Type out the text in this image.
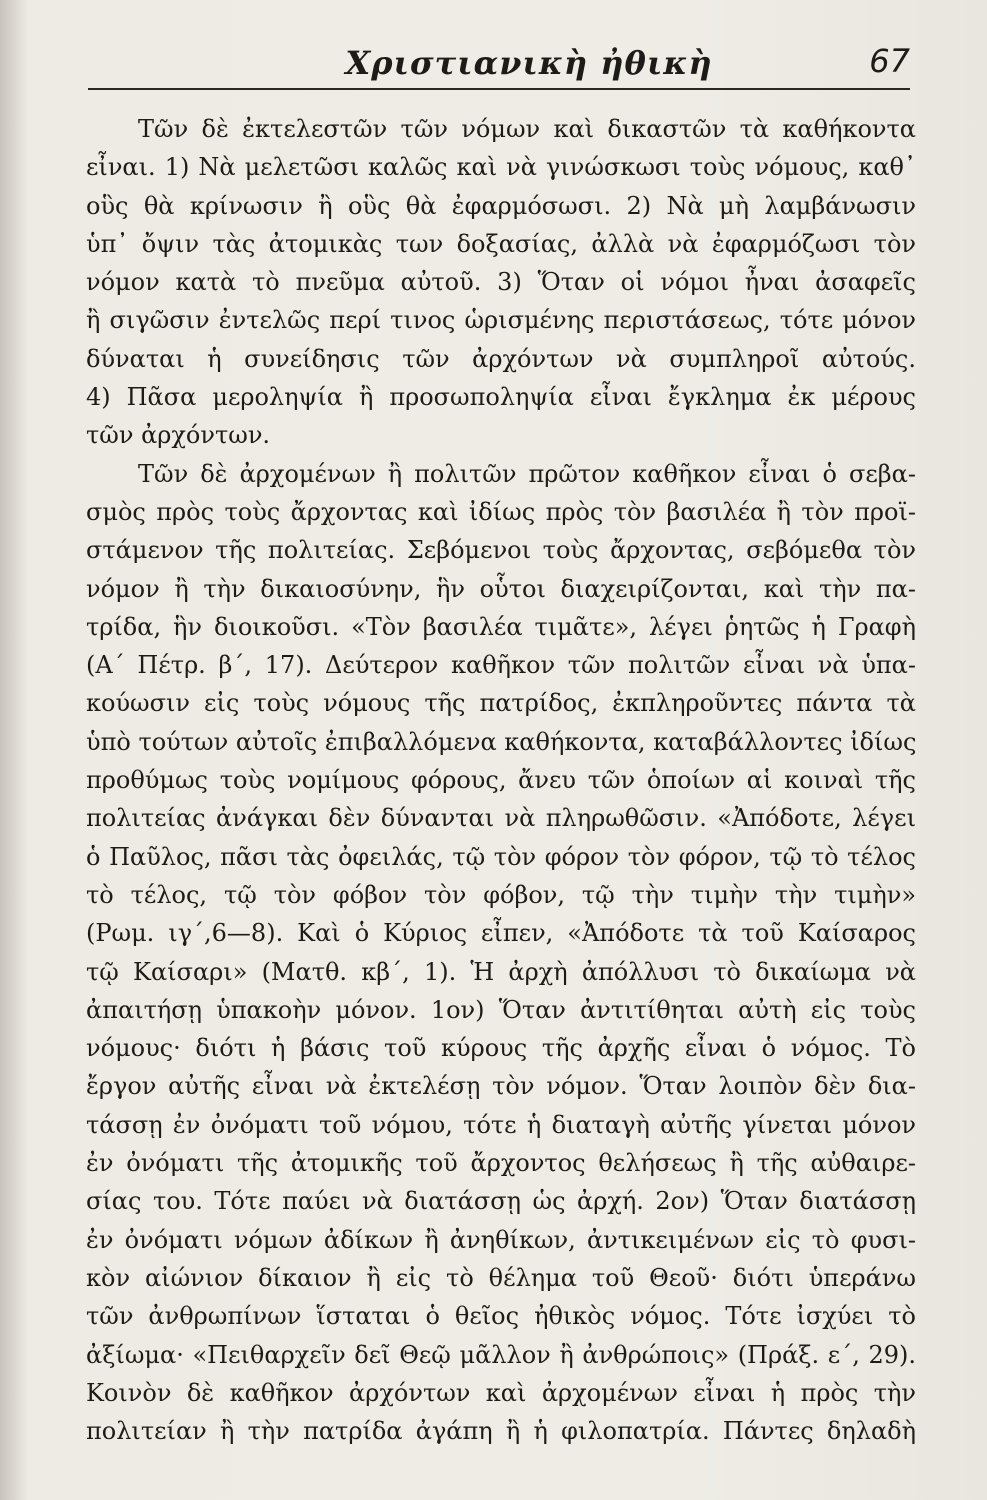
Χριστιανικὴ ἠθικὴ	67
Τῶν δὲ ἐκτελεστῶν τῶν νόμων καὶ δικαστῶν τὰ καθήκοντα
εἶναι. 1) Νὰ μελετῶσι καλῶς καὶ νὰ γινώσκωσι τοὺς νόμους, καθ᾿
οὓς θὰ κρίνωσιν ἢ οὓς θὰ ἐφαρμόσωσι. 2) Νὰ μὴ λαμβάνωσιν
ὑπ᾿ ὄψιν τὰς ἀτομικὰς των δοξασίας, ἀλλὰ νὰ ἐφαρμόζωσι τὸν
νόμον κατὰ τὸ πνεῦμα αὐτοῦ. 3) Ὅταν οἱ νόμοι ἦναι ἀσαφεῖς
ἢ σιγῶσιν ἐντελῶς περί τινος ὡρισμένης περιστάσεως, τότε μόνον
δύναται ἡ συνείδησις τῶν ἀρχόντων νὰ συμπληροῖ αὐτούς.
4) Πᾶσα μεροληψία ἢ προσωποληψία εἶναι ἔγκλημα ἐκ μέρους
τῶν ἀρχόντων.
Τῶν δὲ ἀρχομένων ἢ πολιτῶν πρῶτον καθῆκον εἶναι ὁ σεβα-
σμὸς πρὸς τοὺς ἄρχοντας καὶ ἰδίως πρὸς τὸν βασιλέα ἢ τὸν προϊ-
στάμενον τῆς πολιτείας. Σεβόμενοι τοὺς ἄρχοντας, σεβόμεθα τὸν
νόμον ἢ τὴν δικαιοσύνην, ἣν οὗτοι διαχειρίζονται, καὶ τὴν πα-
τρίδα, ἣν διοικοῦσι. «Τὸν βασιλέα τιμᾶτε», λέγει ῥητῶς ἡ Γραφὴ
(Α΄ Πέτρ. β΄, 17). Δεύτερον καθῆκον τῶν πολιτῶν εἶναι νὰ ὑπα-
κούωσιν εἰς τοὺς νόμους τῆς πατρίδος, ἐκπληροῦντες πάντα τὰ
ὑπὸ τούτων αὐτοῖς ἐπιβαλλόμενα καθήκοντα, καταβάλλοντες ἰδίως
προθύμως τοὺς νομίμους φόρους, ἄνευ τῶν ὁποίων αἱ κοιναὶ τῆς
πολιτείας ἀνάγκαι δὲν δύνανται νὰ πληρωθῶσιν. «Ἀπόδοτε, λέγει
ὁ Παῦλος, πᾶσι τὰς ὀφειλάς, τῷ τὸν φόρον τὸν φόρον, τῷ τὸ τέλος
τὸ τέλος, τῷ τὸν φόβον τὸν φόβον, τῷ τὴν τιμὴν τὴν τιμὴν»
(Ρωμ. ιγ΄,6—8). Καὶ ὁ Κύριος εἶπεν, «Ἀπόδοτε τὰ τοῦ Καίσαρος
τῷ Καίσαρι» (Ματθ. κβ΄, 1). Ἡ ἀρχὴ ἀπόλλυσι τὸ δικαίωμα νὰ
ἀπαιτήσῃ ὑπακοὴν μόνον. 1ον) Ὅταν ἀντιτίθηται αὐτὴ εἰς τοὺς
νόμους· διότι ἡ βάσις τοῦ κύρους τῆς ἀρχῆς εἶναι ὁ νόμος. Τὸ
ἔργον αὐτῆς εἶναι νὰ ἐκτελέσῃ τὸν νόμον. Ὅταν λοιπὸν δὲν δια-
τάσσῃ ἐν ὀνόματι τοῦ νόμου, τότε ἡ διαταγὴ αὐτῆς γίνεται μόνον
ἐν ὀνόματι τῆς ἀτομικῆς τοῦ ἄρχοντος θελήσεως ἢ τῆς αὐθαιρε-
σίας του. Τότε παύει νὰ διατάσσῃ ὡς ἀρχή. 2ον) Ὅταν διατάσσῃ
ἐν ὀνόματι νόμων ἀδίκων ἢ ἀνηθίκων, ἀντικειμένων εἰς τὸ φυσι-
κὸν αἰώνιον δίκαιον ἢ εἰς τὸ θέλημα τοῦ Θεοῦ· διότι ὑπεράνω
τῶν ἀνθρωπίνων ἵσταται ὁ θεῖος ἠθικὸς νόμος. Τότε ἰσχύει τὸ
ἀξίωμα· «Πειθαρχεῖν δεῖ Θεῷ μᾶλλον ἢ ἀνθρώποις» (Πράξ. ε΄, 29).
Κοινὸν δὲ καθῆκον ἀρχόντων καὶ ἀρχομένων εἶναι ἡ πρὸς τὴν
πολιτείαν ἢ τὴν πατρίδα ἀγάπη ἢ ἡ φιλοπατρία. Πάντες δηλαδὴ
